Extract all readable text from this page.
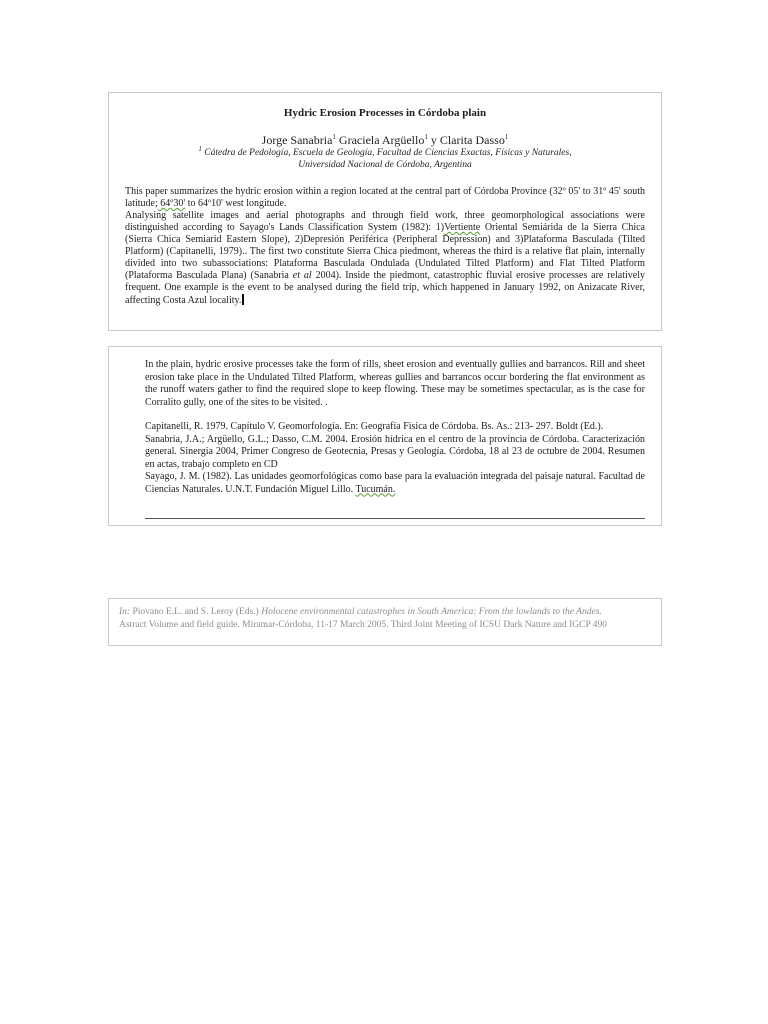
Hydric Erosion Processes in Córdoba plain

Jorge Sanabria$^1$ Graciela Argüello$^1$ y Clarita Dasso$^1$

$^1$ Cátedra de Pedología, Escuela de Geología, Facultad de Ciencias Exactas, Físicas y Naturales,
Universidad Nacional de Córdoba, Argentina

This paper summarizes the hydric erosion within a region located at the central part of Córdoba Province (32º 05' to 31º 45' south latitude; 64º30' to 64º10' west longitude.
Analysing satellite images and aerial photographs and through field work, three geomorphological associations were distinguished according to Sayago's Lands Classification System (1982): 1)Vertiente Oriental Semiárida de la Sierra Chica (Sierra Chica Semiarid Eastern Slope), 2)Depresión Periférica (Peripheral Depression) and 3)Plataforma Basculada (Tilted Platform) (Capitanelli, 1979).. The first two constitute Sierra Chica piedmont, whereas the third is a relative flat plain, internally divided into two subassociations: Plataforma Basculada Ondulada (Undulated Tilted Platform) and Flat Tilted Platform (Plataforma Basculada Plana) (Sanabria et al 2004). Inside the piedmont, catastrophic fluvial erosive processes are relatively frequent. One example is the event to be analysed during the field trip, which happened in January 1992, on Anizacate River, affecting Costa Azul locality.

In the plain, hydric erosive processes take the form of rills, sheet erosion and eventually gullies and barrancos. Rill and sheet erosion take place in the Undulated Tilted Platform, whereas gullies and barrancos occur bordering the flat environment as the runoff waters gather to find the required slope to keep flowing. These may be sometimes spectacular, as is the case for Corralito gully, one of the sites to be visited. .

Capitanelli, R. 1979. Capítulo V. Geomorfología. En: Geografía Física de Córdoba. Bs. As.: 213- 297. Boldt (Ed.).

Sanabria, J.A.; Argüello, G.L.; Dasso, C.M. 2004. Erosión hídrica en el centro de la provincia de Córdoba. Caracterización general. Sinergia 2004, Primer Congreso de Geotecnia, Presas y Geología. Córdoba, 18 al 23 de octubre de 2004. Resumen en actas, trabajo completo en CD

Sayago, J. M. (1982). Las unidades geomorfológicas como base para la evaluación integrada del paisaje natural. Facultad de Ciencias Naturales. U.N.T. Fundación Miguel Lillo. Tucumán.

In: Piovano E.L. and S. Leroy (Eds.) Holocene environmental catastrophes in South America: From the lowlands to the Andes.
Astract Volume and field guide. Miramar-Córdoba, 11-17 March 2005. Third Joint Meeting of ICSU Dark Nature and IGCP 490
